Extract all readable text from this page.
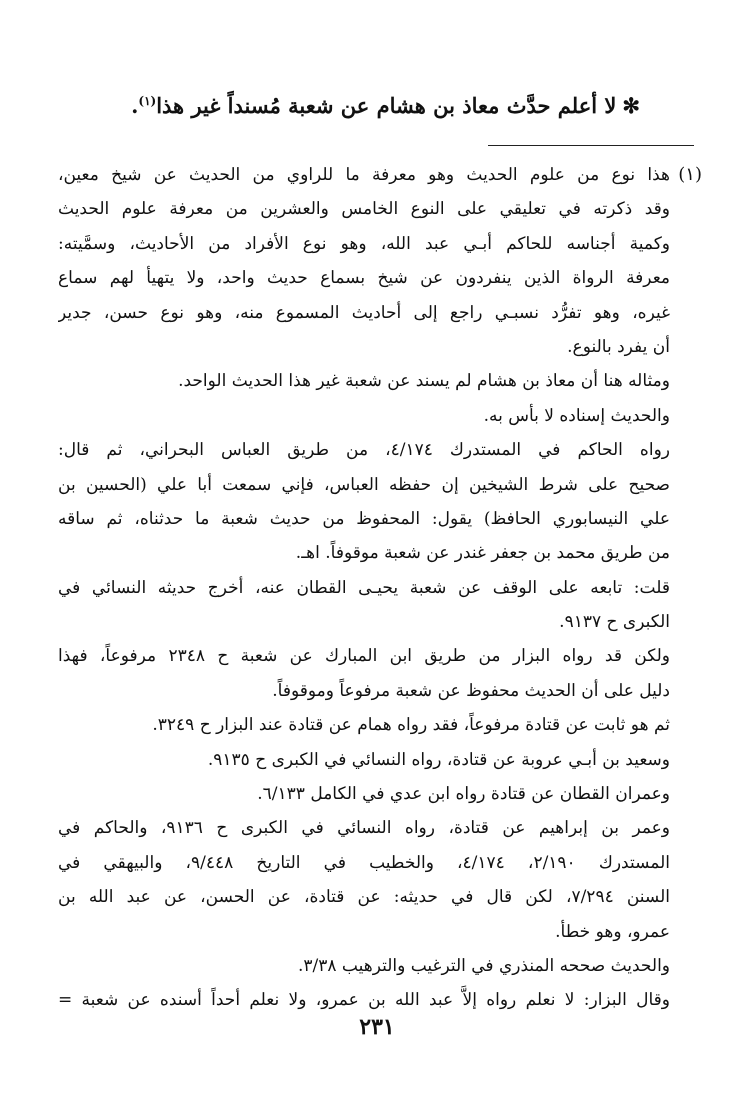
✻لا أعلم حدَّث معاذ بن هشام عن شعبة مُسنداً غير هذا$^{(١)}$.
(١)
هذا نوع من علوم الحديث وهو معرفة ما للراوي من الحديث عن شيخ معين،
وقد ذكرته في تعليقي على النوع الخامس والعشرين من معرفة علوم الحديث
وكمية أجناسه للحاكم أبـي عبد الله، وهو نوع الأفراد من الأحاديث، وسمَّيته:
معرفة الرواة الذين ينفردون عن شيخ بسماع حديث واحد، ولا يتهيأ لهم سماع
غيره، وهو تفرُّد نسبـي راجع إلى أحاديث المسموع منه، وهو نوع حسن، جدير
أن يفرد بالنوع.
ومثاله هنا أن معاذ بن هشام لم يسند عن شعبة غير هذا الحديث الواحد.
والحديث إسناده لا بأس به.
رواه الحاكم في المستدرك ٤/١٧٤، من طريق العباس البحراني، ثم قال:
صحيح على شرط الشيخين إن حفظه العباس، فإني سمعت أبا علي (الحسين بن
علي النيسابوري الحافظ) يقول: المحفوظ من حديث شعبة ما حدثناه، ثم ساقه
من طريق محمد بن جعفر غندر عن شعبة موقوفاً. اهـ.
قلت: تابعه على الوقف عن شعبة يحيـى القطان عنه، أخرج حديثه النسائي في
الكبرى ح ٩١٣٧.
ولكن قد رواه البزار من طريق ابن المبارك عن شعبة ح ٢٣٤٨ مرفوعاً، فهذا
دليل على أن الحديث محفوظ عن شعبة مرفوعاً وموقوفاً.
ثم هو ثابت عن قتادة مرفوعاً، فقد رواه همام عن قتادة عند البزار ح ٣٢٤٩.
وسعيد بن أبـي عروبة عن قتادة، رواه النسائي في الكبرى ح ٩١٣٥.
وعمران القطان عن قتادة رواه ابن عدي في الكامل ٦/١٣٣.
وعمر بن إبراهيم عن قتادة، رواه النسائي في الكبرى ح ٩١٣٦، والحاكم في
المستدرك ٢/١٩٠، ٤/١٧٤، والخطيب في التاريخ ٩/٤٤٨، والبيهقي في
السنن ٧/٢٩٤، لكن قال في حديثه: عن قتادة، عن الحسن، عن عبد الله بن
عمرو، وهو خطأ.
والحديث صححه المنذري في الترغيب والترهيب ٣/٣٨.
وقال البزار: لا نعلم رواه إلاَّ عبد الله بن عمرو، ولا نعلم أحداً أسنده عن شعبة =
٢٣١
